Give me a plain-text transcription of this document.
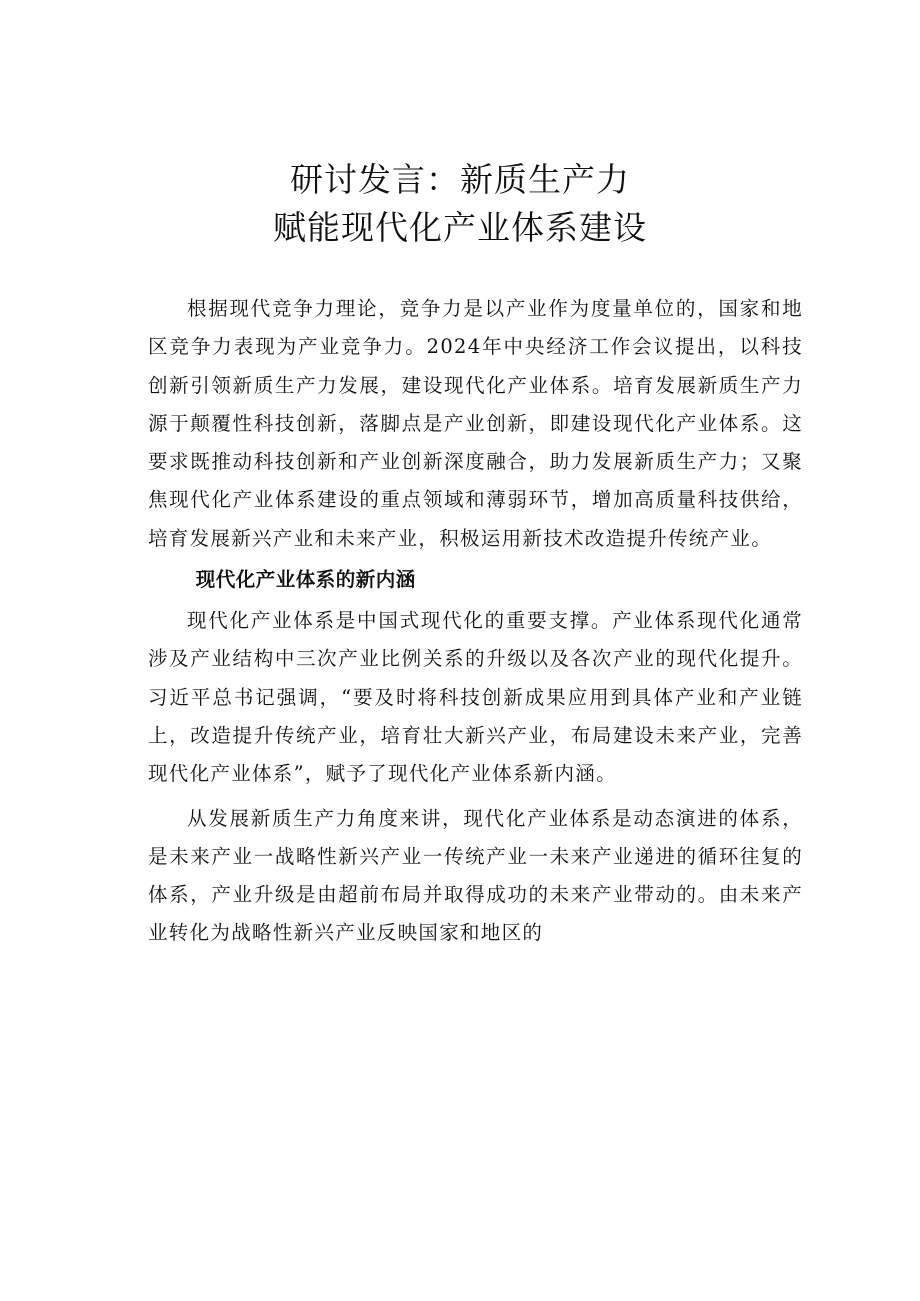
研讨发言：新质生产力
赋能现代化产业体系建设

根据现代竞争力理论，竞争力是以产业作为度量单位的，国家和地区竞争力表现为产业竞争力。2024年中央经济工作会议提出，以科技创新引领新质生产力发展，建设现代化产业体系。培育发展新质生产力源于颠覆性科技创新，落脚点是产业创新，即建设现代化产业体系。这要求既推动科技创新和产业创新深度融合，助力发展新质生产力；又聚焦现代化产业体系建设的重点领域和薄弱环节，增加高质量科技供给，培育发展新兴产业和未来产业，积极运用新技术改造提升传统产业。

现代化产业体系的新内涵

现代化产业体系是中国式现代化的重要支撑。产业体系现代化通常涉及产业结构中三次产业比例关系的升级以及各次产业的现代化提升。习近平总书记强调，“要及时将科技创新成果应用到具体产业和产业链上，改造提升传统产业，培育壮大新兴产业，布局建设未来产业，完善现代化产业体系”，赋予了现代化产业体系新内涵。

从发展新质生产力角度来讲，现代化产业体系是动态演进的体系，是未来产业一战略性新兴产业一传统产业一未来产业递进的循环往复的体系，产业升级是由超前布局并取得成功的未来产业带动的。由未来产业转化为战略性新兴产业反映国家和地区的
